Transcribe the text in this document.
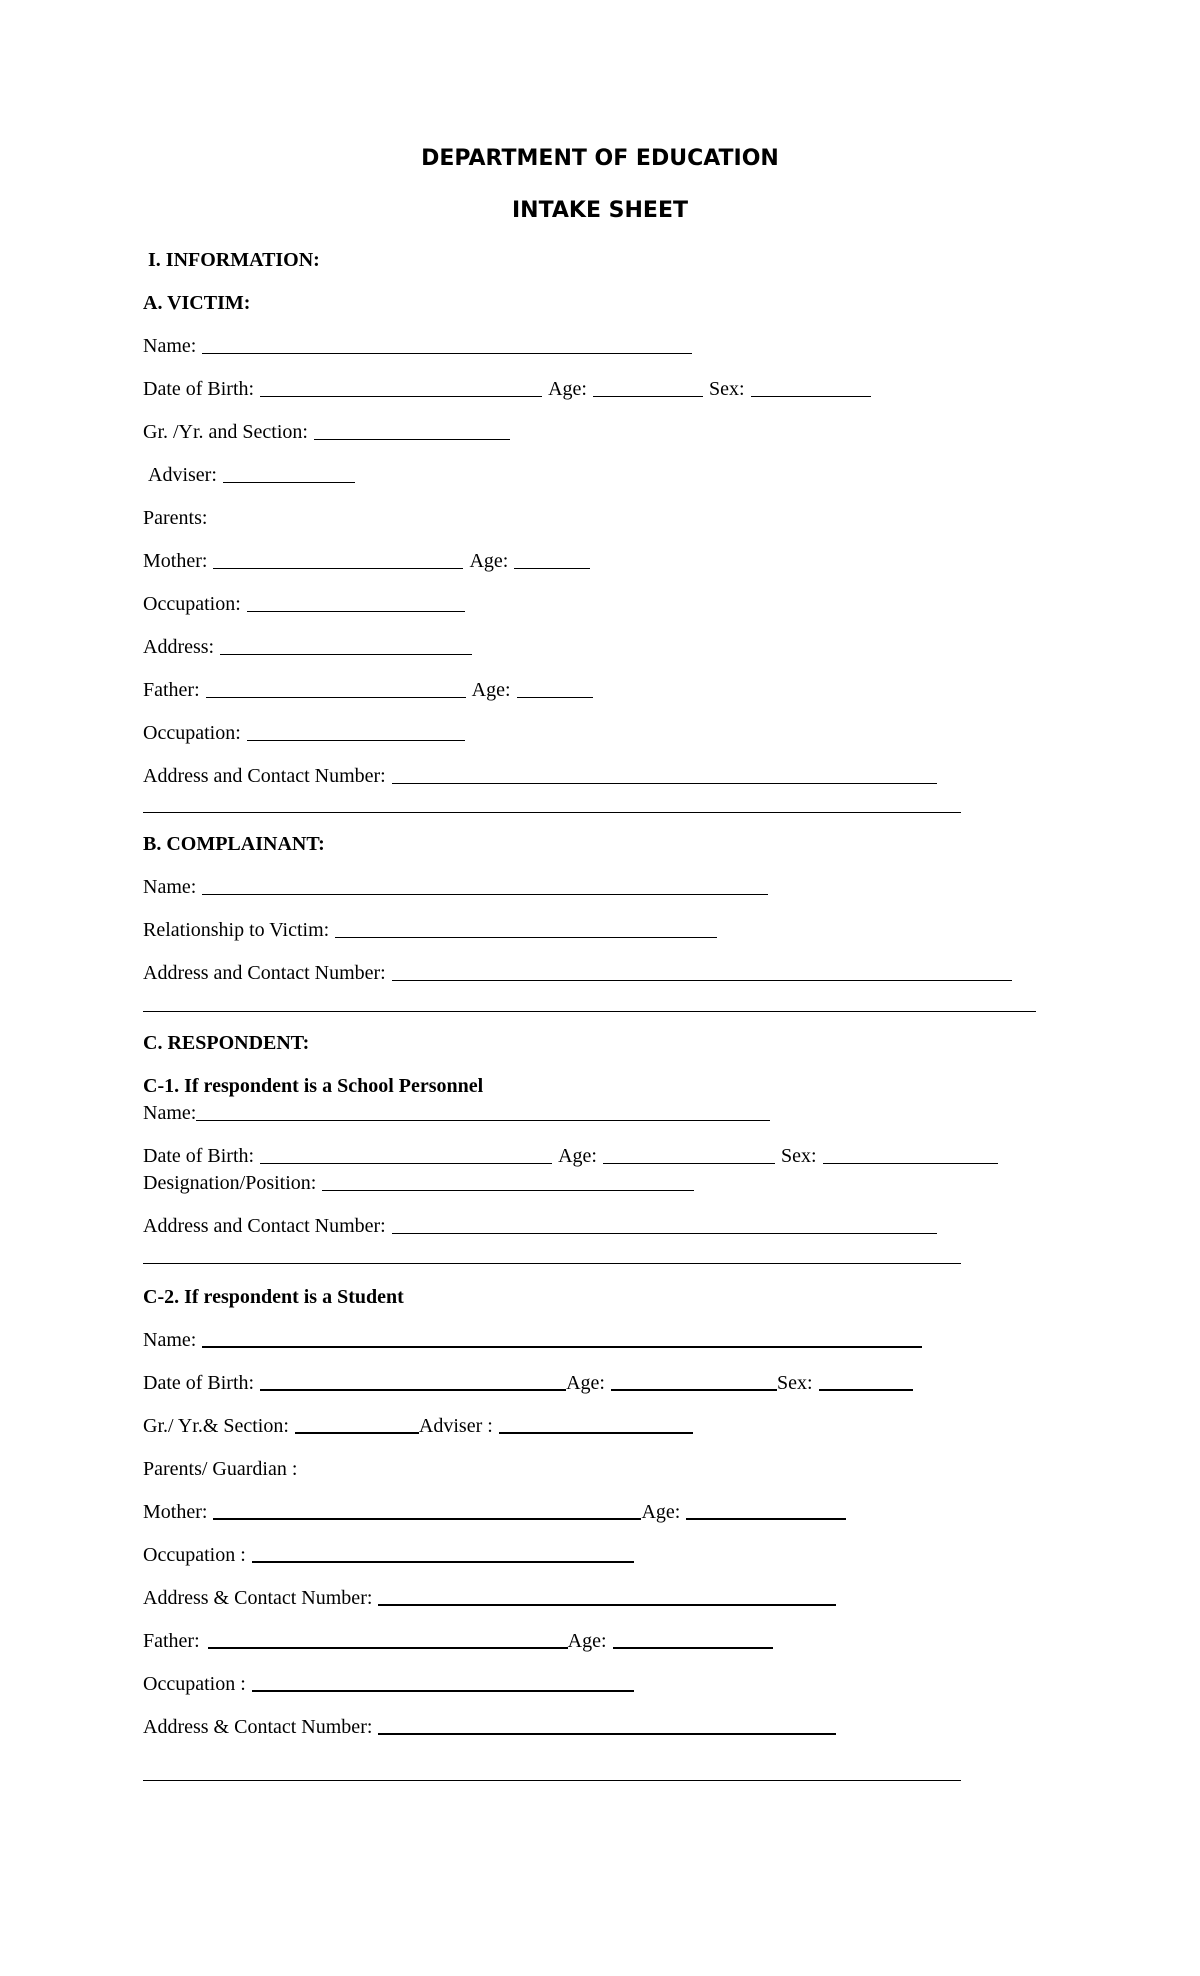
DEPARTMENT OF EDUCATION
INTAKE SHEET
I. INFORMATION:
A. VICTIM:
Name:
Date of Birth:	Age:	Sex:
Gr. /Yr. and Section:
Adviser:
Parents:
Mother:	Age:
Occupation:
Address:
Father:	Age:
Occupation:
Address and Contact Number:
B. COMPLAINANT:
Name:
Relationship to Victim:
Address and Contact Number:
C. RESPONDENT:
C-1. If respondent is a School Personnel
Name:
Date of Birth:	Age:	Sex:
Designation/Position:
Address and Contact Number:
C-2. If respondent is a Student
Name:
Date of Birth:	Age:	Sex:
Gr./ Yr.& Section:	Adviser :
Parents/ Guardian :
Mother:	Age:
Occupation :
Address & Contact Number:
Father:	Age:
Occupation :
Address & Contact Number:
